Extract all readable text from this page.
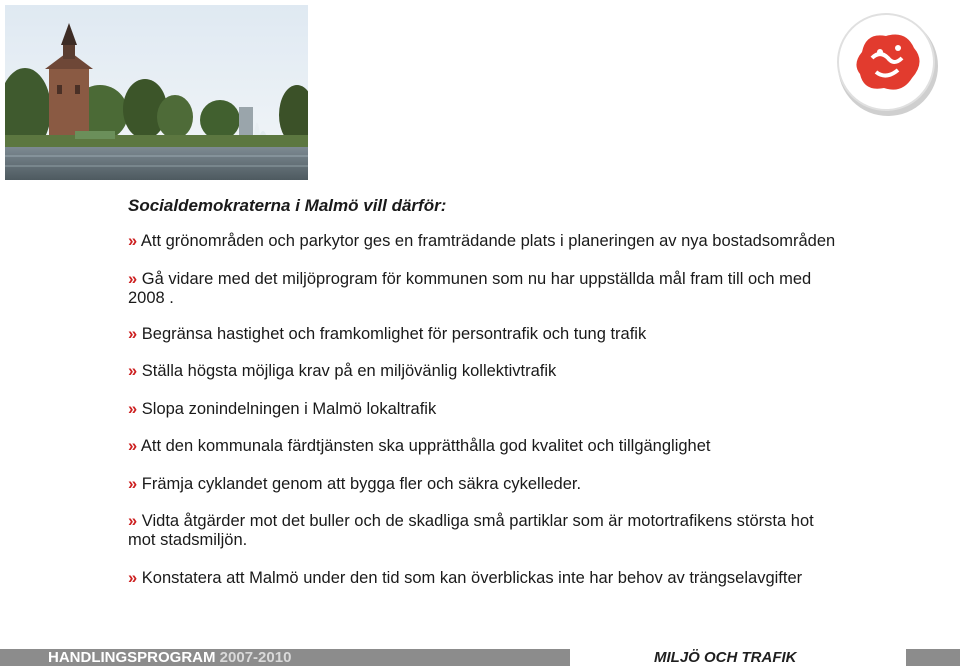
Socialdemokraterna i Malmö vill därför:
» Att grönområden och parkytor ges en framträdande plats i planeringen av nya bostadsområden
» Gå vidare med det miljöprogram för kommunen som nu har uppställda mål fram till och med 2008 .
» Begränsa hastighet och framkomlighet för persontrafik och tung trafik
» Ställa högsta möjliga krav på en miljövänlig kollektivtrafik
» Slopa zonindelningen i Malmö lokaltrafik
» Att den kommunala färdtjänsten ska upprätthålla god kvalitet och tillgänglighet
» Främja cyklandet genom att bygga fler och säkra cykelleder.
» Vidta åtgärder mot det buller och de skadliga små partiklar som är motortrafikens största hot mot stadsmiljön.
» Konstatera att Malmö under den tid som kan överblickas inte har behov av trängselavgifter

HANDLINGSPROGRAM 2007-2010	MILJÖ OCH TRAFIK
